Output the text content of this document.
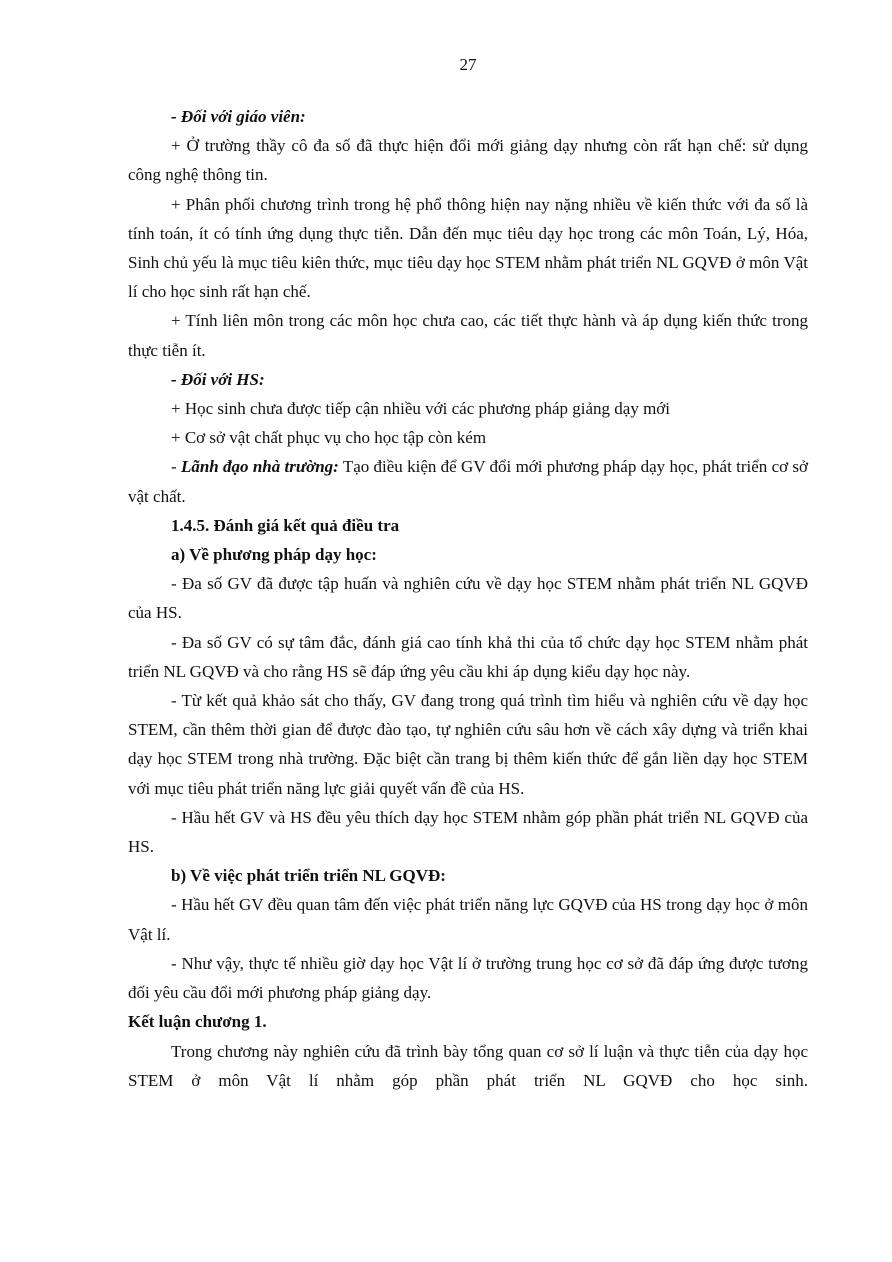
27

- Đối với giáo viên:

+ Ở trường thầy cô đa số đã thực hiện đổi mới giảng dạy nhưng còn rất hạn chế: sử dụng công nghệ thông tin.

+ Phân phối chương trình trong hệ phổ thông hiện nay nặng nhiều về kiến thức với đa số là tính toán, ít có tính ứng dụng thực tiễn. Dẫn đến mục tiêu dạy học trong các môn Toán, Lý, Hóa, Sinh chủ yếu là mục tiêu kiên thức, mục tiêu dạy học STEM nhằm phát triển NL GQVĐ ở môn Vật lí cho học sinh rất hạn chế.

+ Tính liên môn trong các môn học chưa cao, các tiết thực hành và áp dụng kiến thức trong thực tiễn ít.

- Đối với HS:

+ Học sinh chưa được tiếp cận nhiều với các phương pháp giảng dạy mới

+ Cơ sở vật chất phục vụ cho học tập còn kém

- Lãnh đạo nhà trường: Tạo điều kiện để GV đổi mới phương pháp dạy học, phát triển cơ sở vật chất.

1.4.5. Đánh giá kết quả điều tra

a) Về phương pháp dạy học:

- Đa số GV đã được tập huấn và nghiên cứu về dạy học STEM nhằm phát triển NL GQVĐ của HS.

- Đa số GV có sự tâm đắc, đánh giá cao tính khả thi của tổ chức dạy học STEM nhằm phát triển NL GQVĐ và cho rằng HS sẽ đáp ứng yêu cầu khi áp dụng kiểu dạy học này.

- Từ kết quả khảo sát cho thấy, GV đang trong quá trình tìm hiểu và nghiên cứu về dạy học STEM, cần thêm thời gian để được đào tạo, tự nghiên cứu sâu hơn về cách xây dựng và triển khai dạy học STEM trong nhà trường. Đặc biệt cần trang bị thêm kiến thức để gắn liền dạy học STEM với mục tiêu phát triển năng lực giải quyết vấn đề của HS.

- Hầu hết GV và HS đều yêu thích dạy học STEM nhằm góp phần phát triển NL GQVĐ của HS.

b) Về việc phát triển triển NL GQVĐ:

- Hầu hết GV đều quan tâm đến việc phát triển năng lực GQVĐ của HS trong dạy học ở môn Vật lí.

- Như vậy, thực tế nhiều giờ dạy học Vật lí ở trường trung học cơ sở đã đáp ứng được tương đối yêu cầu đổi mới phương pháp giảng dạy.

Kết luận chương 1.

Trong chương này nghiên cứu đã trình bày tổng quan cơ sở lí luận và thực tiễn của dạy học STEM ở môn Vật lí nhằm góp phần phát triển NL GQVĐ cho học sinh.
